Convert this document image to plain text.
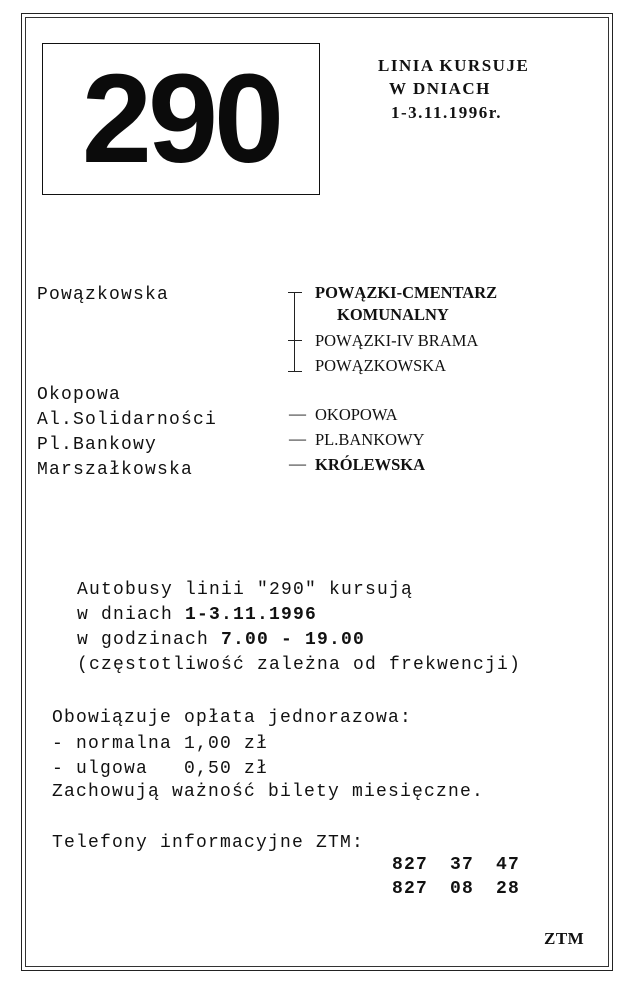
290	LINIA KURSUJE
W DNIACH
1-3.11.1996r.
Powązkowska
Okopowa
Al.Solidarności
Pl.Bankowy
Marszałkowska
POWĄZKI-CMENTARZ
KOMUNALNY
POWĄZKI-IV BRAMA
POWĄZKOWSKA
— OKOPOWA
— PL.BANKOWY
— KRÓLEWSKA
Autobusy linii "290" kursują
w dniach 1-3.11.1996
w godzinach 7.00 - 19.00
(częstotliwość zależna od frekwencji)
Obowiązuje opłata jednorazowa:
- normalna 1,00 zł
- ulgowa   0,50 zł
Zachowują ważność bilety miesięczne.
Telefony informacyjne ZTM:
827 37 47
827 08 28
ZTM
